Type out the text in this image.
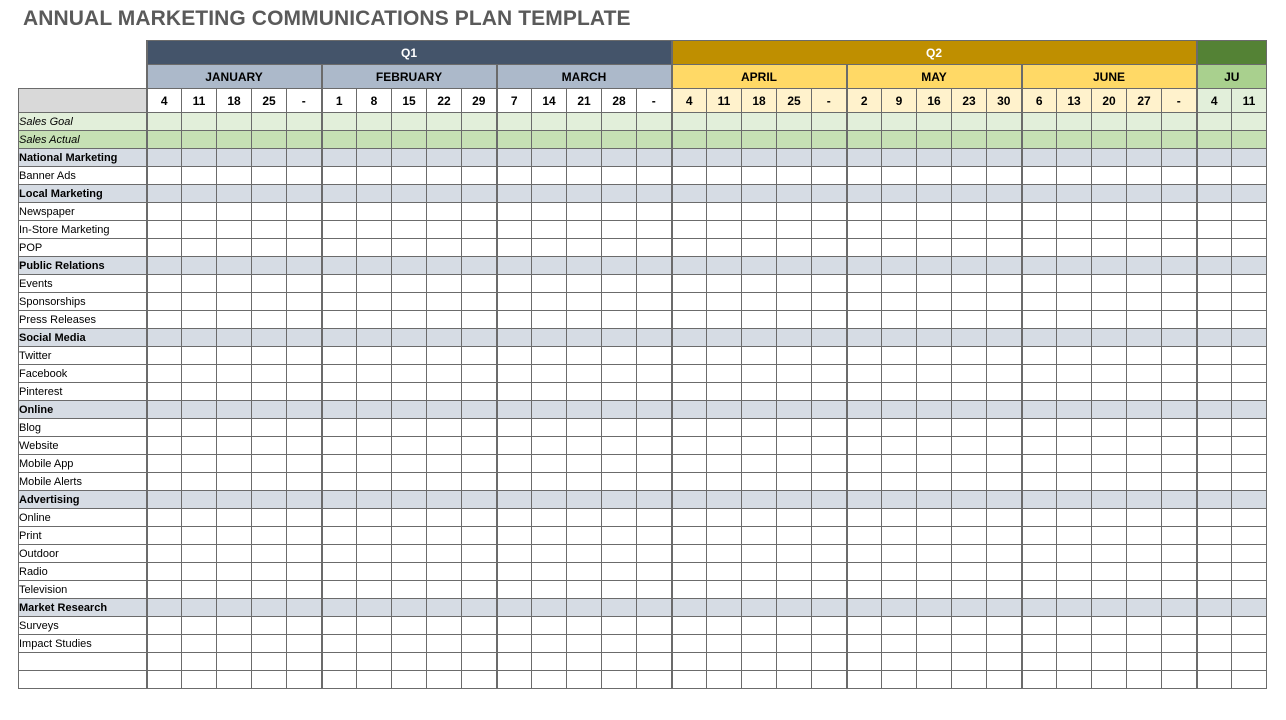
ANNUAL MARKETING COMMUNICATIONS PLAN TEMPLATE
	Q1															Q2																
	JANUARY					FEBRUARY					MARCH					APRIL					MAY					JUNE					JU	
	4	11	18	25	-	1	8	15	22	29	7	14	21	28	-	4	11	18	25	-	2	9	16	23	30	6	13	20	27	-	4	11
Sales Goal																																
Sales Actual																																
National Marketing																																
Banner Ads																																
Local Marketing																																
Newspaper																																
In-Store Marketing																																
POP																																
Public Relations																																
Events																																
Sponsorships																																
Press Releases																																
Social Media																																
Twitter																																
Facebook																																
Pinterest																																
Online																																
Blog																																
Website																																
Mobile App																																
Mobile Alerts																																
Advertising																																
Online																																
Print																																
Outdoor																																
Radio																																
Television																																
Market Research																																
Surveys																																
Impact Studies																																
